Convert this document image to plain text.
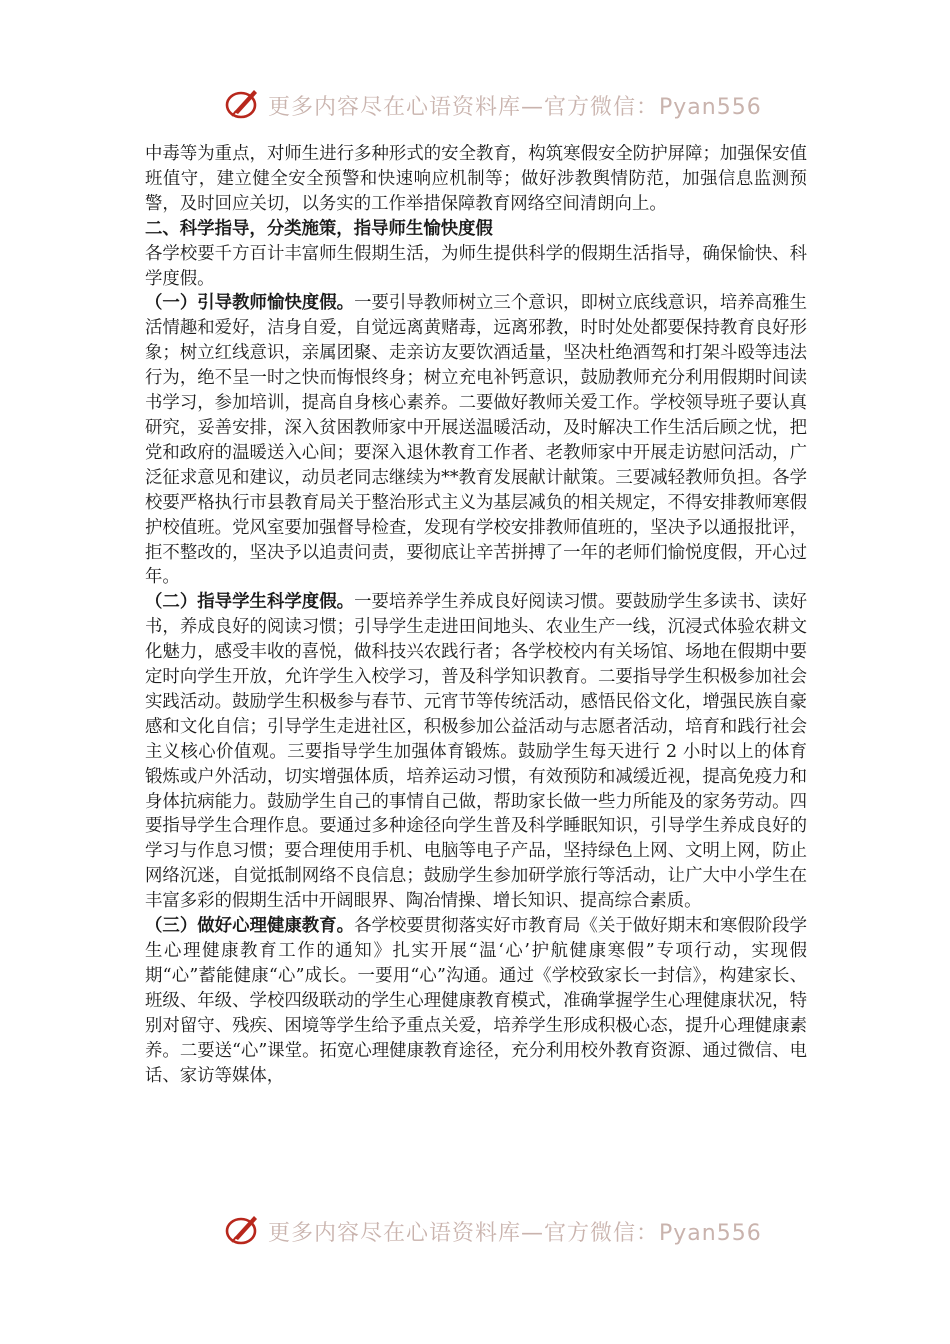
更多内容尽在心语资料库—官方微信：Pyan556

中毒等为重点，对师生进行多种形式的安全教育，构筑寒假安全防护屏障；加强保安值班值守，建立健全安全预警和快速响应机制等；做好涉教舆情防范，加强信息监测预警，及时回应关切，以务实的工作举措保障教育网络空间清朗向上。

二、科学指导，分类施策，指导师生愉快度假

各学校要千方百计丰富师生假期生活，为师生提供科学的假期生活指导，确保愉快、科学度假。

（一）引导教师愉快度假。一要引导教师树立三个意识，即树立底线意识，培养高雅生活情趣和爱好，洁身自爱，自觉远离黄赌毒，远离邪教，时时处处都要保持教育良好形象；树立红线意识，亲属团聚、走亲访友要饮酒适量，坚决杜绝酒驾和打架斗殴等违法行为，绝不呈一时之快而悔恨终身；树立充电补钙意识，鼓励教师充分利用假期时间读书学习，参加培训，提高自身核心素养。二要做好教师关爱工作。学校领导班子要认真研究，妥善安排，深入贫困教师家中开展送温暖活动，及时解决工作生活后顾之忧，把党和政府的温暖送入心间；要深入退休教育工作者、老教师家中开展走访慰问活动，广泛征求意见和建议，动员老同志继续为**教育发展献计献策。三要减轻教师负担。各学校要严格执行市县教育局关于整治形式主义为基层减负的相关规定，不得安排教师寒假护校值班。党风室要加强督导检查，发现有学校安排教师值班的，坚决予以通报批评，拒不整改的，坚决予以追责问责，要彻底让辛苦拼搏了一年的老师们愉悦度假，开心过年。

（二）指导学生科学度假。一要培养学生养成良好阅读习惯。要鼓励学生多读书、读好书，养成良好的阅读习惯；引导学生走进田间地头、农业生产一线，沉浸式体验农耕文化魅力，感受丰收的喜悦，做科技兴农践行者；各学校校内有关场馆、场地在假期中要定时向学生开放，允许学生入校学习，普及科学知识教育。二要指导学生积极参加社会实践活动。鼓励学生积极参与春节、元宵节等传统活动，感悟民俗文化，增强民族自豪感和文化自信；引导学生走进社区，积极参加公益活动与志愿者活动，培育和践行社会主义核心价值观。三要指导学生加强体育锻炼。鼓励学生每天进行 2 小时以上的体育锻炼或户外活动，切实增强体质，培养运动习惯，有效预防和减缓近视，提高免疫力和身体抗病能力。鼓励学生自己的事情自己做，帮助家长做一些力所能及的家务劳动。四要指导学生合理作息。要通过多种途径向学生普及科学睡眠知识，引导学生养成良好的学习与作息习惯；要合理使用手机、电脑等电子产品，坚持绿色上网、文明上网，防止网络沉迷，自觉抵制网络不良信息；鼓励学生参加研学旅行等活动，让广大中小学生在丰富多彩的假期生活中开阔眼界、陶冶情操、增长知识、提高综合素质。

（三）做好心理健康教育。各学校要贯彻落实好市教育局《关于做好期末和寒假阶段学生心理健康教育工作的通知》扎实开展“温‘心’护航健康寒假”专项行动，实现假期“心”蓄能健康“心”成长。一要用“心”沟通。通过《学校致家长一封信》，构建家长、班级、年级、学校四级联动的学生心理健康教育模式，准确掌握学生心理健康状况，特别对留守、残疾、困境等学生给予重点关爱，培养学生形成积极心态，提升心理健康素养。二要送“心”课堂。拓宽心理健康教育途径，充分利用校外教育资源、通过微信、电话、家访等媒体，

更多内容尽在心语资料库—官方微信：Pyan556
